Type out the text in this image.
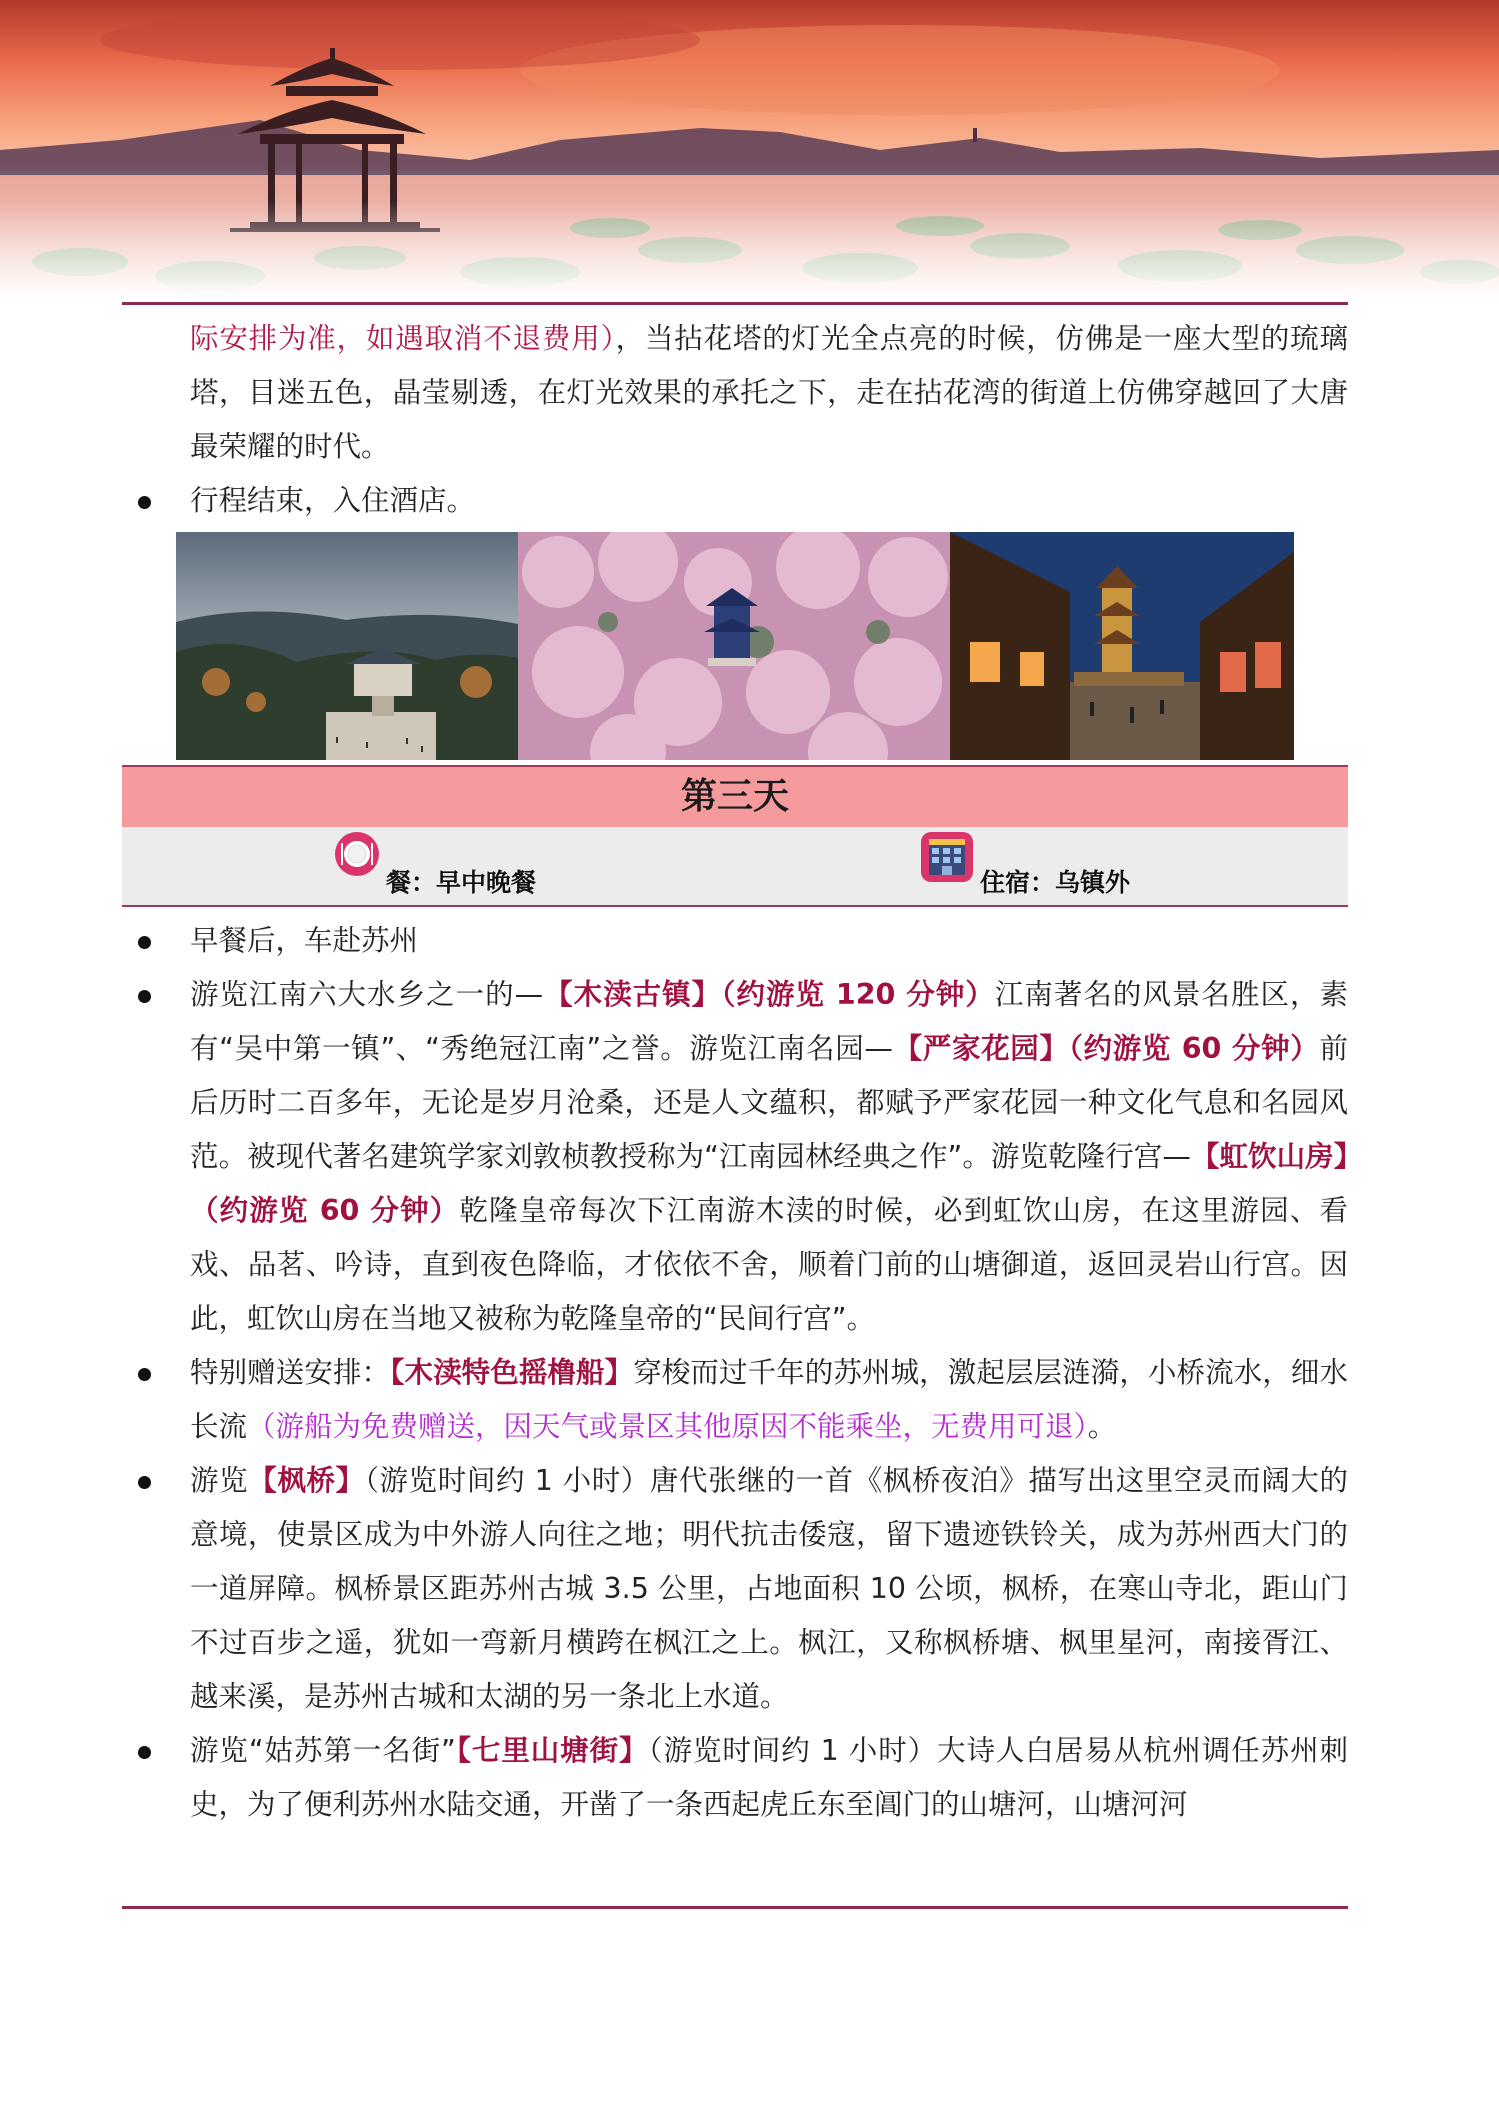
际安排为准，如遇取消不退费用），当拈花塔的灯光全点亮的时候，仿佛是一座大型的琉璃塔，目迷五色，晶莹剔透，在灯光效果的承托之下，走在拈花湾的街道上仿佛穿越回了大唐最荣耀的时代。
行程结束，入住酒店。
第三天
餐：早中晚餐	住宿：乌镇外
早餐后，车赴苏州
游览江南六大水乡之一的—【木渎古镇】（约游览 120 分钟）江南著名的风景名胜区，素有“吴中第一镇”、“秀绝冠江南”之誉。游览江南名园—【严家花园】（约游览 60 分钟）前后历时二百多年，无论是岁月沧桑，还是人文蕴积，都赋予严家花园一种文化气息和名园风范。被现代著名建筑学家刘敦桢教授称为“江南园林经典之作”。游览乾隆行宫—【虹饮山房】（约游览 60 分钟）乾隆皇帝每次下江南游木渎的时候，必到虹饮山房，在这里游园、看戏、品茗、吟诗，直到夜色降临，才依依不舍，顺着门前的山塘御道，返回灵岩山行宫。因此，虹饮山房在当地又被称为乾隆皇帝的“民间行宫”。
特别赠送安排：【木渎特色摇橹船】穿梭而过千年的苏州城，激起层层涟漪，小桥流水，细水长流（游船为免费赠送，因天气或景区其他原因不能乘坐，无费用可退）。
游览【枫桥】（游览时间约 1 小时）唐代张继的一首《枫桥夜泊》描写出这里空灵而阔大的意境，使景区成为中外游人向往之地；明代抗击倭寇，留下遗迹铁铃关，成为苏州西大门的一道屏障。枫桥景区距苏州古城 3.5 公里，占地面积 10 公顷，枫桥，在寒山寺北，距山门不过百步之遥，犹如一弯新月横跨在枫江之上。枫江，又称枫桥塘、枫里星河，南接胥江、越来溪，是苏州古城和太湖的另一条北上水道。
游览“姑苏第一名街”【七里山塘街】（游览时间约 1 小时）大诗人白居易从杭州调任苏州刺史，为了便利苏州水陆交通，开凿了一条西起虎丘东至阊门的山塘河，山塘河河
